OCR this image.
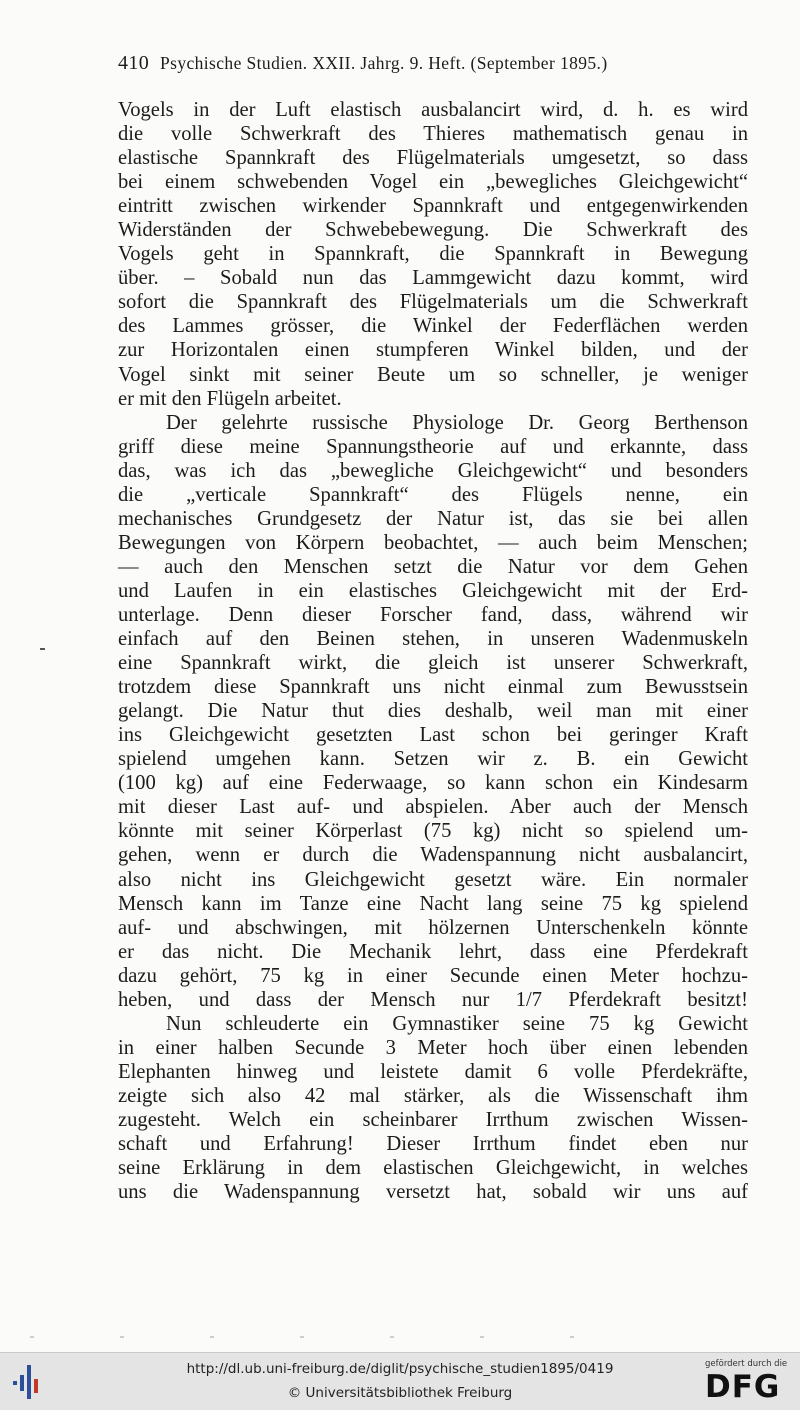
410 Psychische Studien. XXII. Jahrg. 9. Heft. (September 1895.)
Vogels in der Luft elastisch ausbalancirt wird, d. h. es wird
die volle Schwerkraft des Thieres mathematisch genau in
elastische Spannkraft des Flügelmaterials umgesetzt, so dass
bei einem schwebenden Vogel ein „bewegliches Gleichgewicht“
eintritt zwischen wirkender Spannkraft und entgegenwirkenden
Widerständen der Schwebebewegung. Die Schwerkraft des
Vogels geht in Spannkraft, die Spannkraft in Bewegung
über. – Sobald nun das Lammgewicht dazu kommt, wird
sofort die Spannkraft des Flügelmaterials um die Schwerkraft
des Lammes grösser, die Winkel der Federflächen werden
zur Horizontalen einen stumpferen Winkel bilden, und der
Vogel sinkt mit seiner Beute um so schneller, je weniger
er mit den Flügeln arbeitet.
Der gelehrte russische Physiologe Dr. Georg Berthenson
griff diese meine Spannungstheorie auf und erkannte, dass
das, was ich das „bewegliche Gleichgewicht“ und besonders
die „verticale Spannkraft“ des Flügels nenne, ein
mechanisches Grundgesetz der Natur ist, das sie bei allen
Bewegungen von Körpern beobachtet, — auch beim Menschen;
— auch den Menschen setzt die Natur vor dem Gehen
und Laufen in ein elastisches Gleichgewicht mit der Erd-
unterlage. Denn dieser Forscher fand, dass, während wir
einfach auf den Beinen stehen, in unseren Wadenmuskeln
eine Spannkraft wirkt, die gleich ist unserer Schwerkraft,
trotzdem diese Spannkraft uns nicht einmal zum Bewusstsein
gelangt. Die Natur thut dies deshalb, weil man mit einer
ins Gleichgewicht gesetzten Last schon bei geringer Kraft
spielend umgehen kann. Setzen wir z. B. ein Gewicht
(100 kg) auf eine Federwaage, so kann schon ein Kindesarm
mit dieser Last auf- und abspielen. Aber auch der Mensch
könnte mit seiner Körperlast (75 kg) nicht so spielend um-
gehen, wenn er durch die Wadenspannung nicht ausbalancirt,
also nicht ins Gleichgewicht gesetzt wäre. Ein normaler
Mensch kann im Tanze eine Nacht lang seine 75 kg spielend
auf- und abschwingen, mit hölzernen Unterschenkeln könnte
er das nicht. Die Mechanik lehrt, dass eine Pferdekraft
dazu gehört, 75 kg in einer Secunde einen Meter hochzu-
heben, und dass der Mensch nur 1/7 Pferdekraft besitzt!
Nun schleuderte ein Gymnastiker seine 75 kg Gewicht
in einer halben Secunde 3 Meter hoch über einen lebenden
Elephanten hinweg und leistete damit 6 volle Pferdekräfte,
zeigte sich also 42 mal stärker, als die Wissenschaft ihm
zugesteht. Welch ein scheinbarer Irrthum zwischen Wissen-
schaft und Erfahrung! Dieser Irrthum findet eben nur
seine Erklärung in dem elastischen Gleichgewicht, in welches
uns die Wadenspannung versetzt hat, sobald wir uns auf
http://dl.ub.uni-freiburg.de/diglit/psychische_studien1895/0419
© Universitätsbibliothek Freiburg
gefördert durch die
DFG
